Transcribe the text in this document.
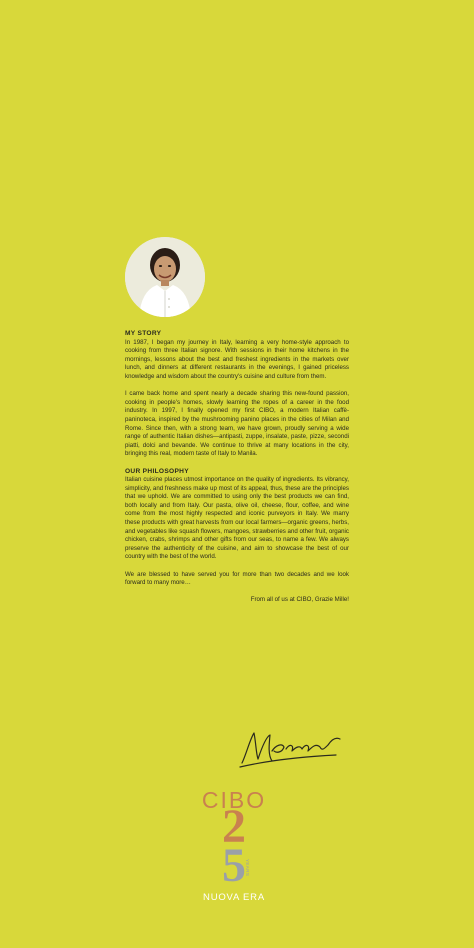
MY STORY

In 1987, I began my journey in Italy, learning a very home-style approach to cooking from three Italian signore. With sessions in their home kitchens in the mornings, lessons about the best and freshest ingredients in the markets over lunch, and dinners at different restaurants in the evenings, I gained priceless knowledge and wisdom about the country's cuisine and culture from them.

I came back home and spent nearly a decade sharing this new-found passion, cooking in people's homes, slowly learning the ropes of a career in the food industry. In 1997, I finally opened my first CIBO, a modern Italian caffè-paninoteca, inspired by the mushrooming panino places in the cities of Milan and Rome. Since then, with a strong team, we have grown, proudly serving a wide range of authentic Italian dishes—antipasti, zuppe, insalate, paste, pizze, secondi piatti, dolci and bevande. We continue to thrive at many locations in the city, bringing this real, modern taste of Italy to Manila.

OUR PHILOSOPHY

Italian cuisine places utmost importance on the quality of ingredients. Its vibrancy, simplicity, and freshness make up most of its appeal, thus, these are the principles that we uphold. We are committed to using only the best products we can find, both locally and from Italy. Our pasta, olive oil, cheese, flour, coffee, and wine come from the most highly respected and iconic purveyors in Italy. We marry these products with great harvests from our local farmers—organic greens, herbs, and vegetables like squash flowers, mangoes, strawberries and other fruit, organic chicken, crabs, shrimps and other gifts from our seas, to name a few. We always preserve the authenticity of the cuisine, and aim to showcase the best of our country with the best of the world.

We are blessed to have served you for more than two decades and we look forward to many more…

From all of us at CIBO, Grazie Mille!

CIBO
2
5 YEARS
NUOVA ERA
